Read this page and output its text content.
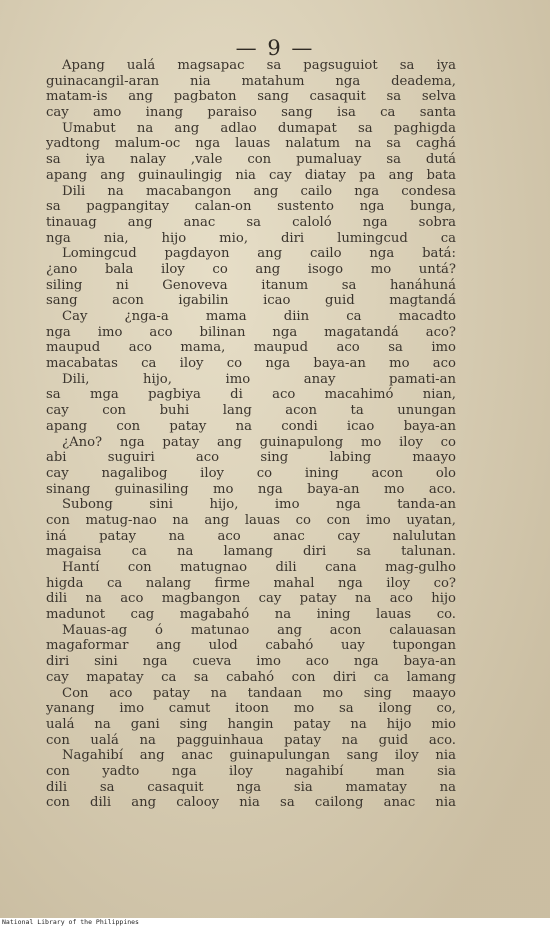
— 9 —
Apang ualá magsapac sa pagsuguiot sa iya
guinacangil-aran nia matahum nga deadema,
matam-is ang pagbaton sang casaquit sa selva
cay amo inang paraiso sang isa ca santa
Umabut na ang adlao dumapat sa paghigda
yadtong malum-oc nga lauas nalatum na sa caghá
sa iya nalay ,vale con pumaluay sa dutá
apang ang guinaulingig nia cay diatay pa ang bata
Dili na macabangon ang cailo nga condesa
sa pagpangitay calan-on sustento nga bunga,
tinauag ang anac sa caloló nga sobra
nga nia, hijo mio, diri lumingcud ca
Lomingcud pagdayon ang cailo nga batá:
¿ano bala iloy co ang isogo mo untá?
siling ni Genoveva itanum sa hanáhuná
sang acon igabilin icao guid magtandá
Cay ¿nga-a mama diin ca macadto
nga imo aco bilinan nga magatandá aco?
maupud aco mama, maupud aco sa imo
macabatas ca iloy co nga baya-an mo aco
Dili, hijo, imo anay pamati-an
sa mga pagbiya di aco macahimó nian,
cay con buhi lang acon ta unungan
apang con patay na condi icao baya-an
¿Ano? nga patay ang guinapulong mo iloy co
abi suguiri aco sing labing maayo
cay nagalibog iloy co ining acon olo
sinang guinasiling mo nga baya-an mo aco.
Subong sini hijo, imo nga tanda-an
con matug-nao na ang lauas co con imo uyatan,
iná patay na aco anac cay nalulutan
magaisa ca na lamang diri sa talunan.
Hantí con matugnao dili cana mag-gulho
higda ca nalang firme mahal nga iloy co?
dili na aco magbangon cay patay na aco hijo
madunot cag magabahó na ining lauas co.
Mauas-ag ó matunao ang acon calauasan
magaformar ang ulod cabahó uay tupongan
diri sini nga cueva imo aco nga baya-an
cay mapatay ca sa cabahó con diri ca lamang
Con aco patay na tandaan mo sing maayo
yanang imo camut itoon mo sa ilong co,
ualá na gani sing hangin patay na hijo mio
con ualá na pagguinhaua patay na guid aco.
Nagahibí ang anac guinapulungan sang iloy nia
con yadto nga iloy nagahibí man sia
dili sa casaquit nga sia mamatay na
con dili ang calooy nia sa cailong anac nia
National Library of the Philippines
